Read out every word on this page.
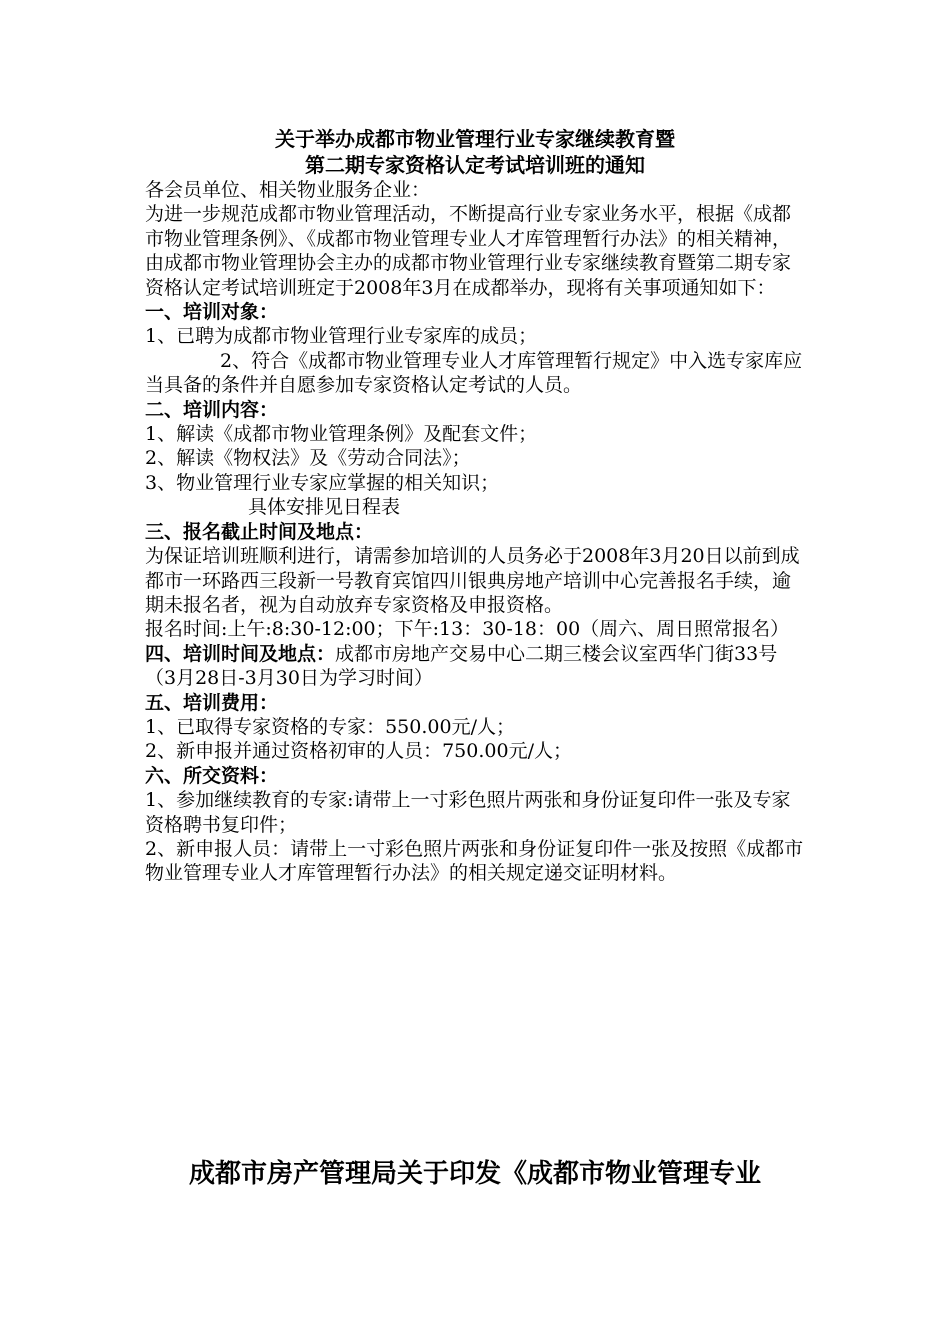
关于举办成都市物业管理行业专家继续教育暨
第二期专家资格认定考试培训班的通知

各会员单位、相关物业服务企业：

为进一步规范成都市物业管理活动，不断提高行业专家业务水平，根据《成都市物业管理条例》、《成都市物业管理专业人才库管理暂行办法》的相关精神，由成都市物业管理协会主办的成都市物业管理行业专家继续教育暨第二期专家资格认定考试培训班定于2008年3月在成都举办，现将有关事项通知如下：

一、培训对象：

1、已聘为成都市物业管理行业专家库的成员；

2、符合《成都市物业管理专业人才库管理暂行规定》中入选专家库应当具备的条件并自愿参加专家资格认定考试的人员。

二、培训内容：

1、解读《成都市物业管理条例》及配套文件；

2、解读《物权法》及《劳动合同法》；

3、物业管理行业专家应掌握的相关知识；

具体安排见日程表

三、报名截止时间及地点：

为保证培训班顺利进行，请需参加培训的人员务必于2008年3月20日以前到成都市一环路西三段新一号教育宾馆四川银典房地产培训中心完善报名手续，逾期未报名者，视为自动放弃专家资格及申报资格。

报名时间:上午:8:30-12:00；下午:13：30-18：00（周六、周日照常报名）

四、培训时间及地点：成都市房地产交易中心二期三楼会议室西华门街33号

（3月28日-3月30日为学习时间）

五、培训费用：

1、已取得专家资格的专家：550.00元/人；

2、新申报并通过资格初审的人员：750.00元/人；

六、所交资料：

1、参加继续教育的专家:请带上一寸彩色照片两张和身份证复印件一张及专家资格聘书复印件；

2、新申报人员：请带上一寸彩色照片两张和身份证复印件一张及按照《成都市物业管理专业人才库管理暂行办法》的相关规定递交证明材料。

成都市房产管理局关于印发《成都市物业管理专业
